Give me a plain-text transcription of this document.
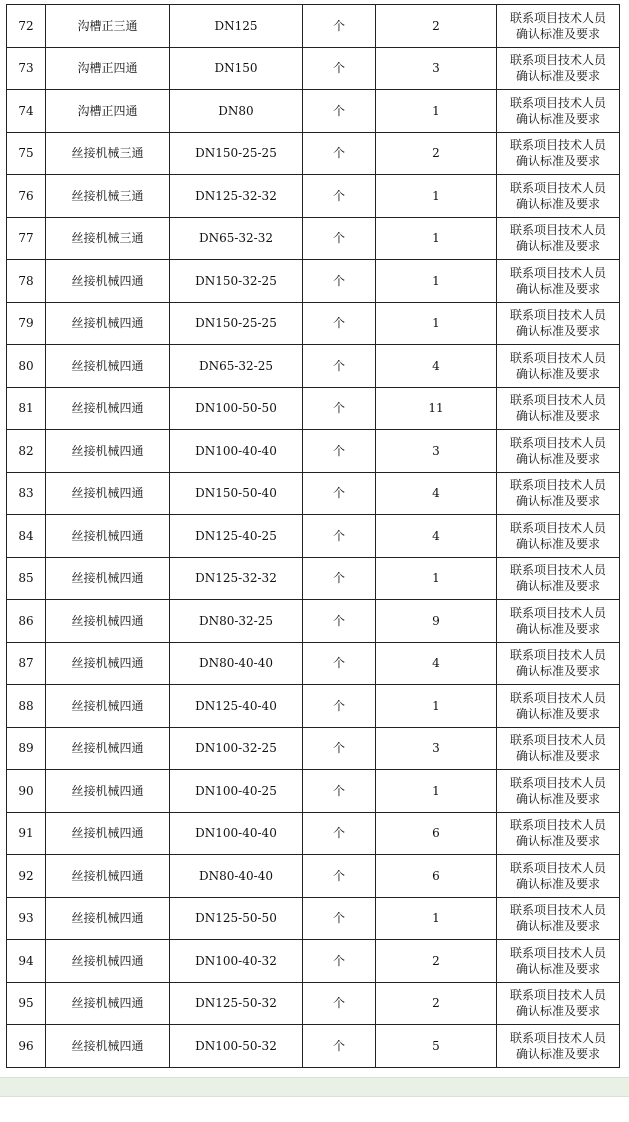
72	沟槽正三通	DN125	个	2	联系项目技术人员
确认标准及要求

73	沟槽正四通	DN150	个	3	联系项目技术人员
确认标准及要求

74	沟槽正四通	DN80	个	1	联系项目技术人员
确认标准及要求

75	丝接机械三通	DN150-25-25	个	2	联系项目技术人员
确认标准及要求

76	丝接机械三通	DN125-32-32	个	1	联系项目技术人员
确认标准及要求

77	丝接机械三通	DN65-32-32	个	1	联系项目技术人员
确认标准及要求

78	丝接机械四通	DN150-32-25	个	1	联系项目技术人员
确认标准及要求

79	丝接机械四通	DN150-25-25	个	1	联系项目技术人员
确认标准及要求

80	丝接机械四通	DN65-32-25	个	4	联系项目技术人员
确认标准及要求

81	丝接机械四通	DN100-50-50	个	11	联系项目技术人员
确认标准及要求

82	丝接机械四通	DN100-40-40	个	3	联系项目技术人员
确认标准及要求

83	丝接机械四通	DN150-50-40	个	4	联系项目技术人员
确认标准及要求

84	丝接机械四通	DN125-40-25	个	4	联系项目技术人员
确认标准及要求

85	丝接机械四通	DN125-32-32	个	1	联系项目技术人员
确认标准及要求

86	丝接机械四通	DN80-32-25	个	9	联系项目技术人员
确认标准及要求

87	丝接机械四通	DN80-40-40	个	4	联系项目技术人员
确认标准及要求

88	丝接机械四通	DN125-40-40	个	1	联系项目技术人员
确认标准及要求

89	丝接机械四通	DN100-32-25	个	3	联系项目技术人员
确认标准及要求

90	丝接机械四通	DN100-40-25	个	1	联系项目技术人员
确认标准及要求

91	丝接机械四通	DN100-40-40	个	6	联系项目技术人员
确认标准及要求

92	丝接机械四通	DN80-40-40	个	6	联系项目技术人员
确认标准及要求

93	丝接机械四通	DN125-50-50	个	1	联系项目技术人员
确认标准及要求

94	丝接机械四通	DN100-40-32	个	2	联系项目技术人员
确认标准及要求

95	丝接机械四通	DN125-50-32	个	2	联系项目技术人员
确认标准及要求

96	丝接机械四通	DN100-50-32	个	5	联系项目技术人员
确认标准及要求
